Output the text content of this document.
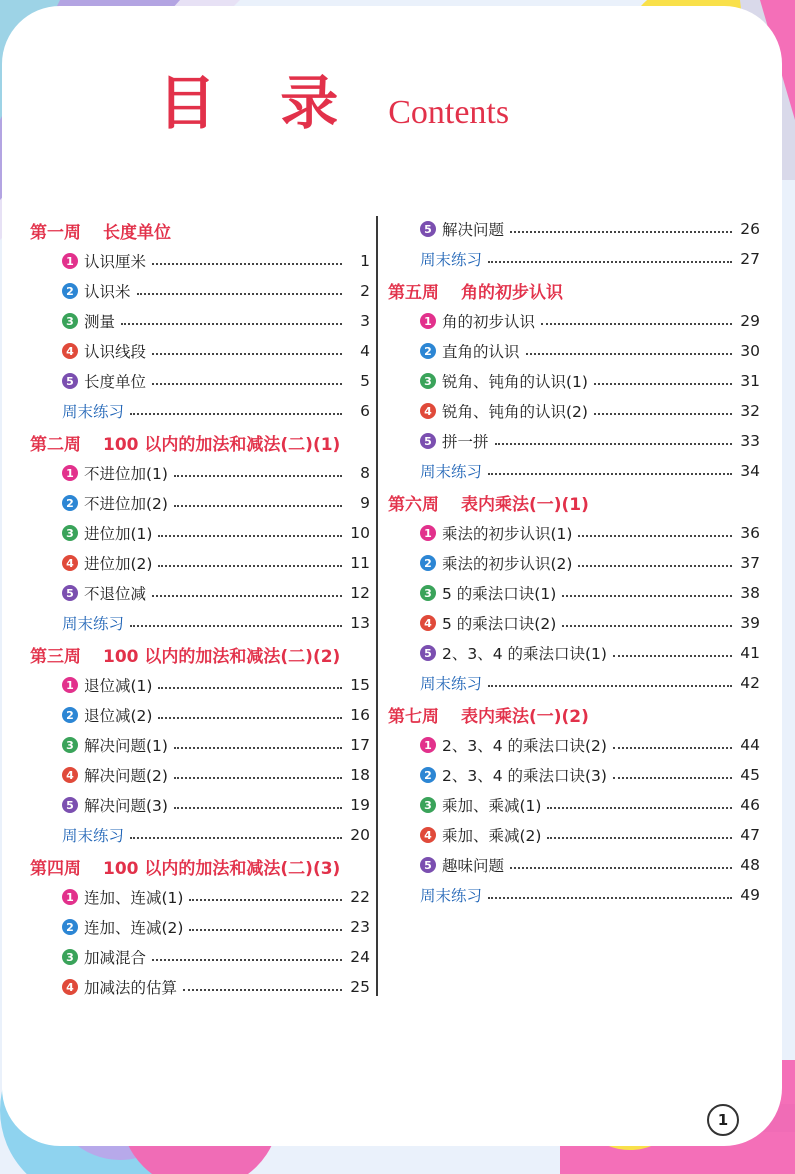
目 录 Contents
第一周 长度单位
1 认识厘米	1
2 认识米	2
3 测量	3
4 认识线段	4
5 长度单位	5
周末练习	6
第二周 100 以内的加法和减法(二)(1)
1 不进位加(1)	8
2 不进位加(2)	9
3 进位加(1)	10
4 进位加(2)	11
5 不退位减	12
周末练习	13
第三周 100 以内的加法和减法(二)(2)
1 退位减(1)	15
2 退位减(2)	16
3 解决问题(1)	17
4 解决问题(2)	18
5 解决问题(3)	19
周末练习	20
第四周 100 以内的加法和减法(二)(3)
1 连加、连减(1)	22
2 连加、连减(2)	23
3 加减混合	24
4 加减法的估算	25
5 解决问题	26
周末练习	27
第五周 角的初步认识
1 角的初步认识	29
2 直角的认识	30
3 锐角、钝角的认识(1)	31
4 锐角、钝角的认识(2)	32
5 拼一拼	33
周末练习	34
第六周 表内乘法(一)(1)
1 乘法的初步认识(1)	36
2 乘法的初步认识(2)	37
3 5 的乘法口诀(1)	38
4 5 的乘法口诀(2)	39
5 2、3、4 的乘法口诀(1)	41
周末练习	42
第七周 表内乘法(一)(2)
1 2、3、4 的乘法口诀(2)	44
2 2、3、4 的乘法口诀(3)	45
3 乘加、乘减(1)	46
4 乘加、乘减(2)	47
5 趣味问题	48
周末练习	49
1
